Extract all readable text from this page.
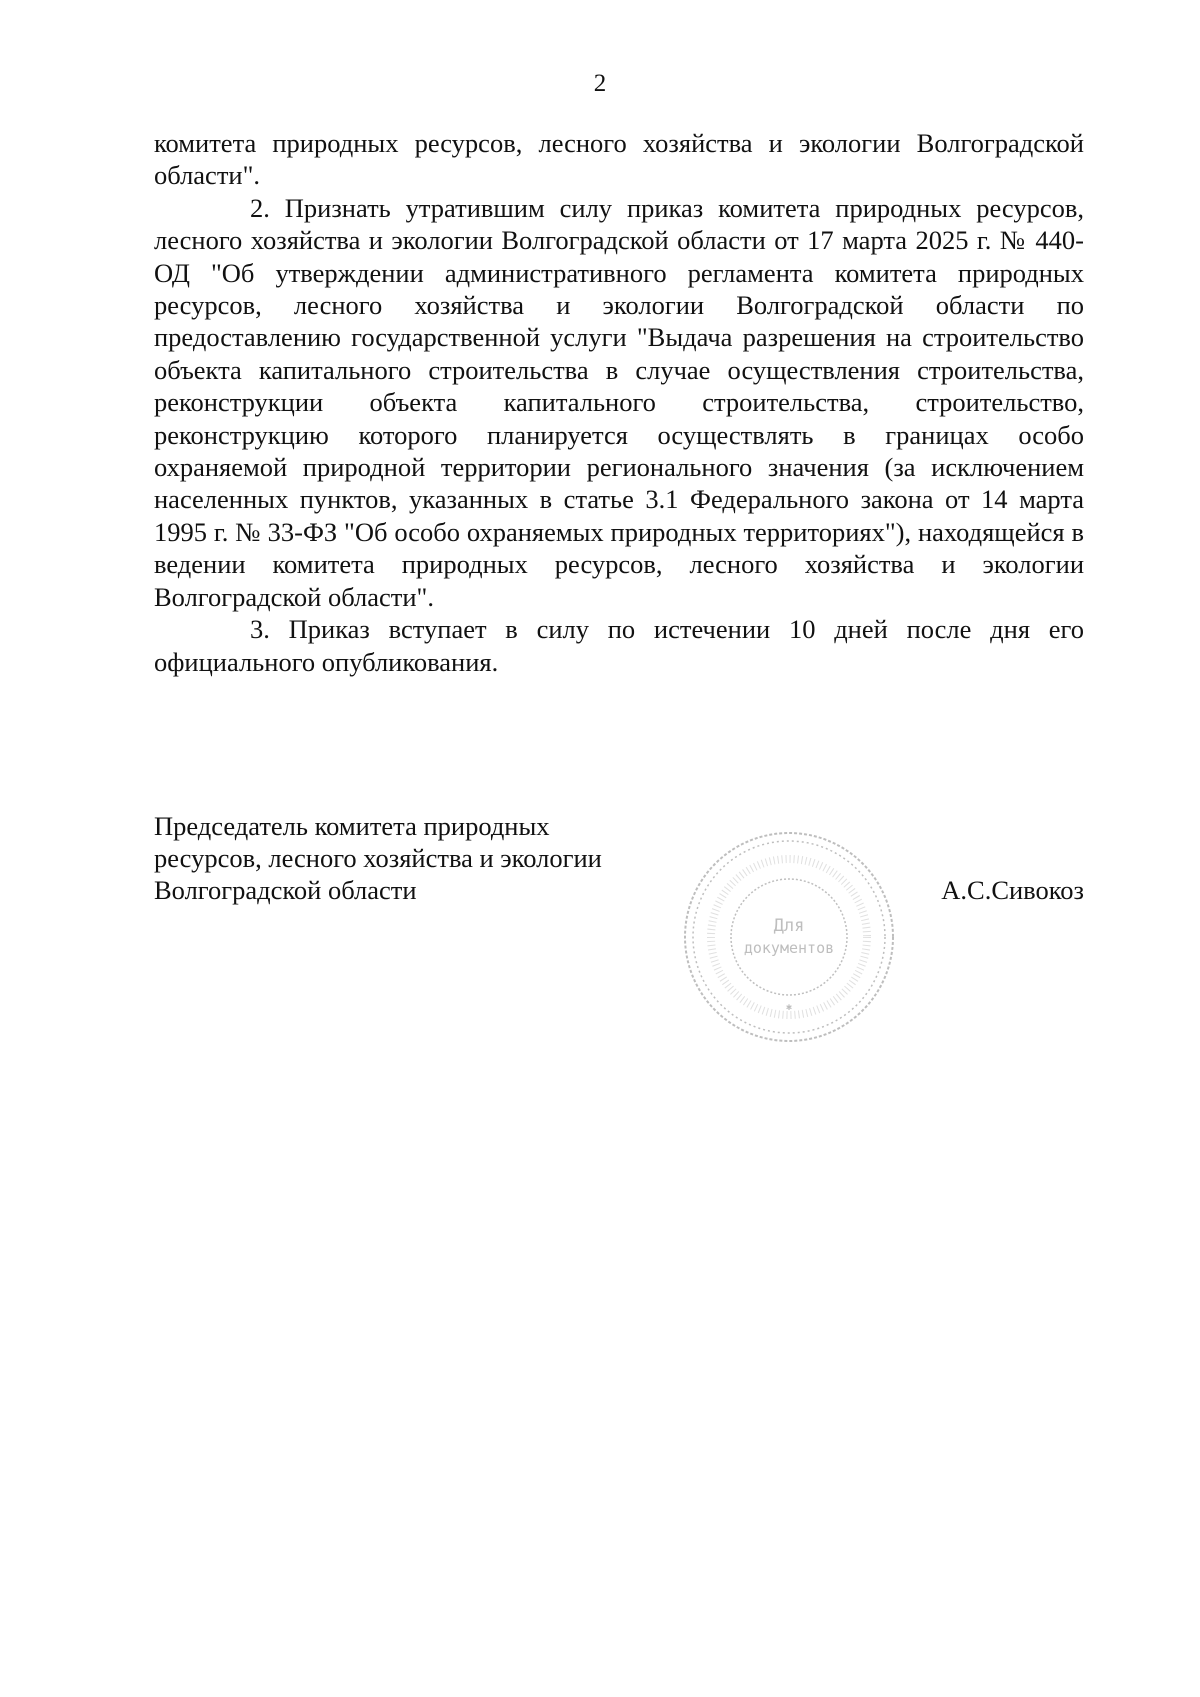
2

комитета природных ресурсов, лесного хозяйства и экологии Волгоградской области".

2. Признать утратившим силу приказ комитета природных ресурсов, лесного хозяйства и экологии Волгоградской области от 17 марта 2025 г. № 440-ОД "Об утверждении административного регламента комитета природных ресурсов, лесного хозяйства и экологии Волгоградской области по предоставлению государственной услуги "Выдача разрешения на строительство объекта капитального строительства в случае осуществления строительства, реконструкции объекта капитального строительства, строительство, реконструкцию которого планируется осуществлять в границах особо охраняемой природной территории регионального значения (за исключением населенных пунктов, указанных в статье 3.1 Федерального закона от 14 марта 1995 г. № 33-ФЗ "Об особо охраняемых природных территориях"), находящейся в ведении комитета природных ресурсов, лесного хозяйства и экологии Волгоградской области".

3. Приказ вступает в силу по истечении 10 дней после дня его официального опубликования.

Председатель комитета природных
ресурсов, лесного хозяйства и экологии
Волгоградской области
Для
документов
✱
А.С.Сивокоз
